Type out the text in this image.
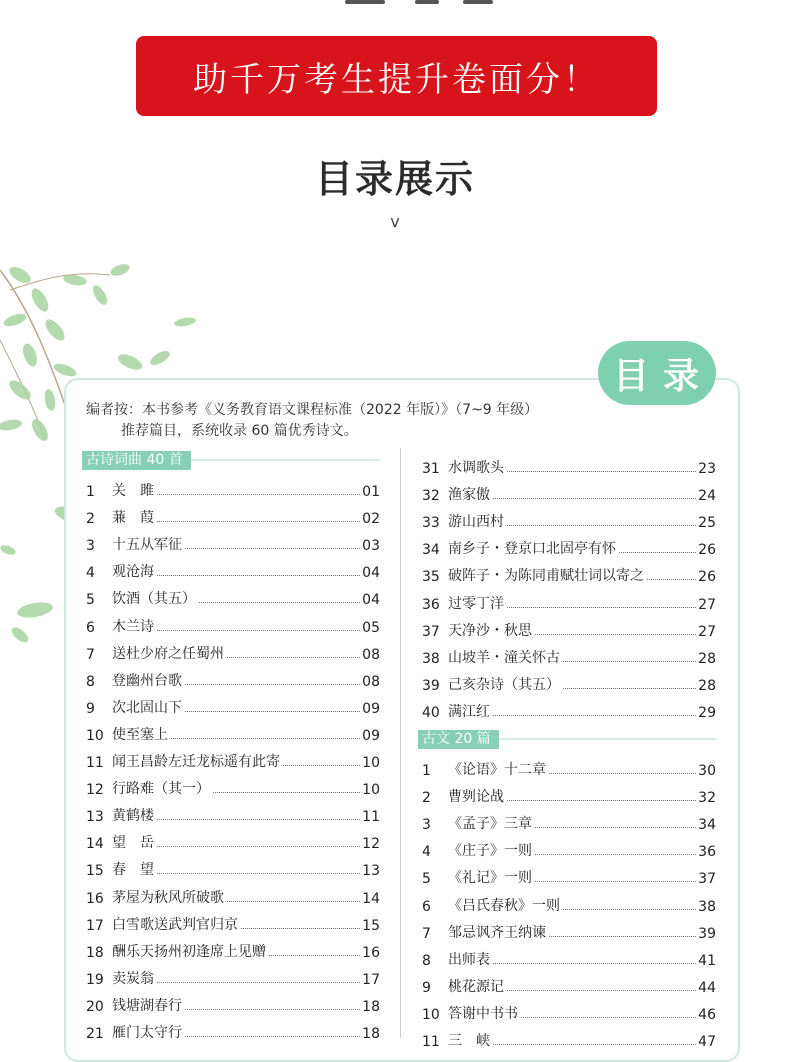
助千万考生提升卷面分！
目录展示
v
目录
编者按：本书参考《义务教育语文课程标准（2022 年版）》（7~9 年级）
推荐篇目，系统收录 60 篇优秀诗文。
古诗词曲 40 首
1	关　雎	01
2	蒹　葭	02
3	十五从军征	03
4	观沧海	04
5	饮酒（其五）	04
6	木兰诗	05
7	送杜少府之任蜀州	08
8	登幽州台歌	08
9	次北固山下	09
10 使至塞上	09
11 闻王昌龄左迁龙标遥有此寄	10
12 行路难（其一）	10
13 黄鹤楼	11
14 望　岳	12
15 春　望	13
16 茅屋为秋风所破歌	14
17 白雪歌送武判官归京	15
18 酬乐天扬州初逢席上见赠	16
19 卖炭翁	17
20 钱塘湖春行	18
21 雁门太守行	18
31 水调歌头	23
32 渔家傲	24
33 游山西村	25
34 南乡子・登京口北固亭有怀	26
35 破阵子・为陈同甫赋壮词以寄之	26
36 过零丁洋	27
37 天净沙・秋思	27
38 山坡羊・潼关怀古	28
39 己亥杂诗（其五）	28
40 满江红	29
古文 20 篇
1	《论语》十二章	30
2	曹刿论战	32
3	《孟子》三章	34
4	《庄子》一则	36
5	《礼记》一则	37
6	《吕氏春秋》一则	38
7	邹忌讽齐王纳谏	39
8	出师表	41
9	桃花源记	44
10 答谢中书书	46
11 三　峡	47
